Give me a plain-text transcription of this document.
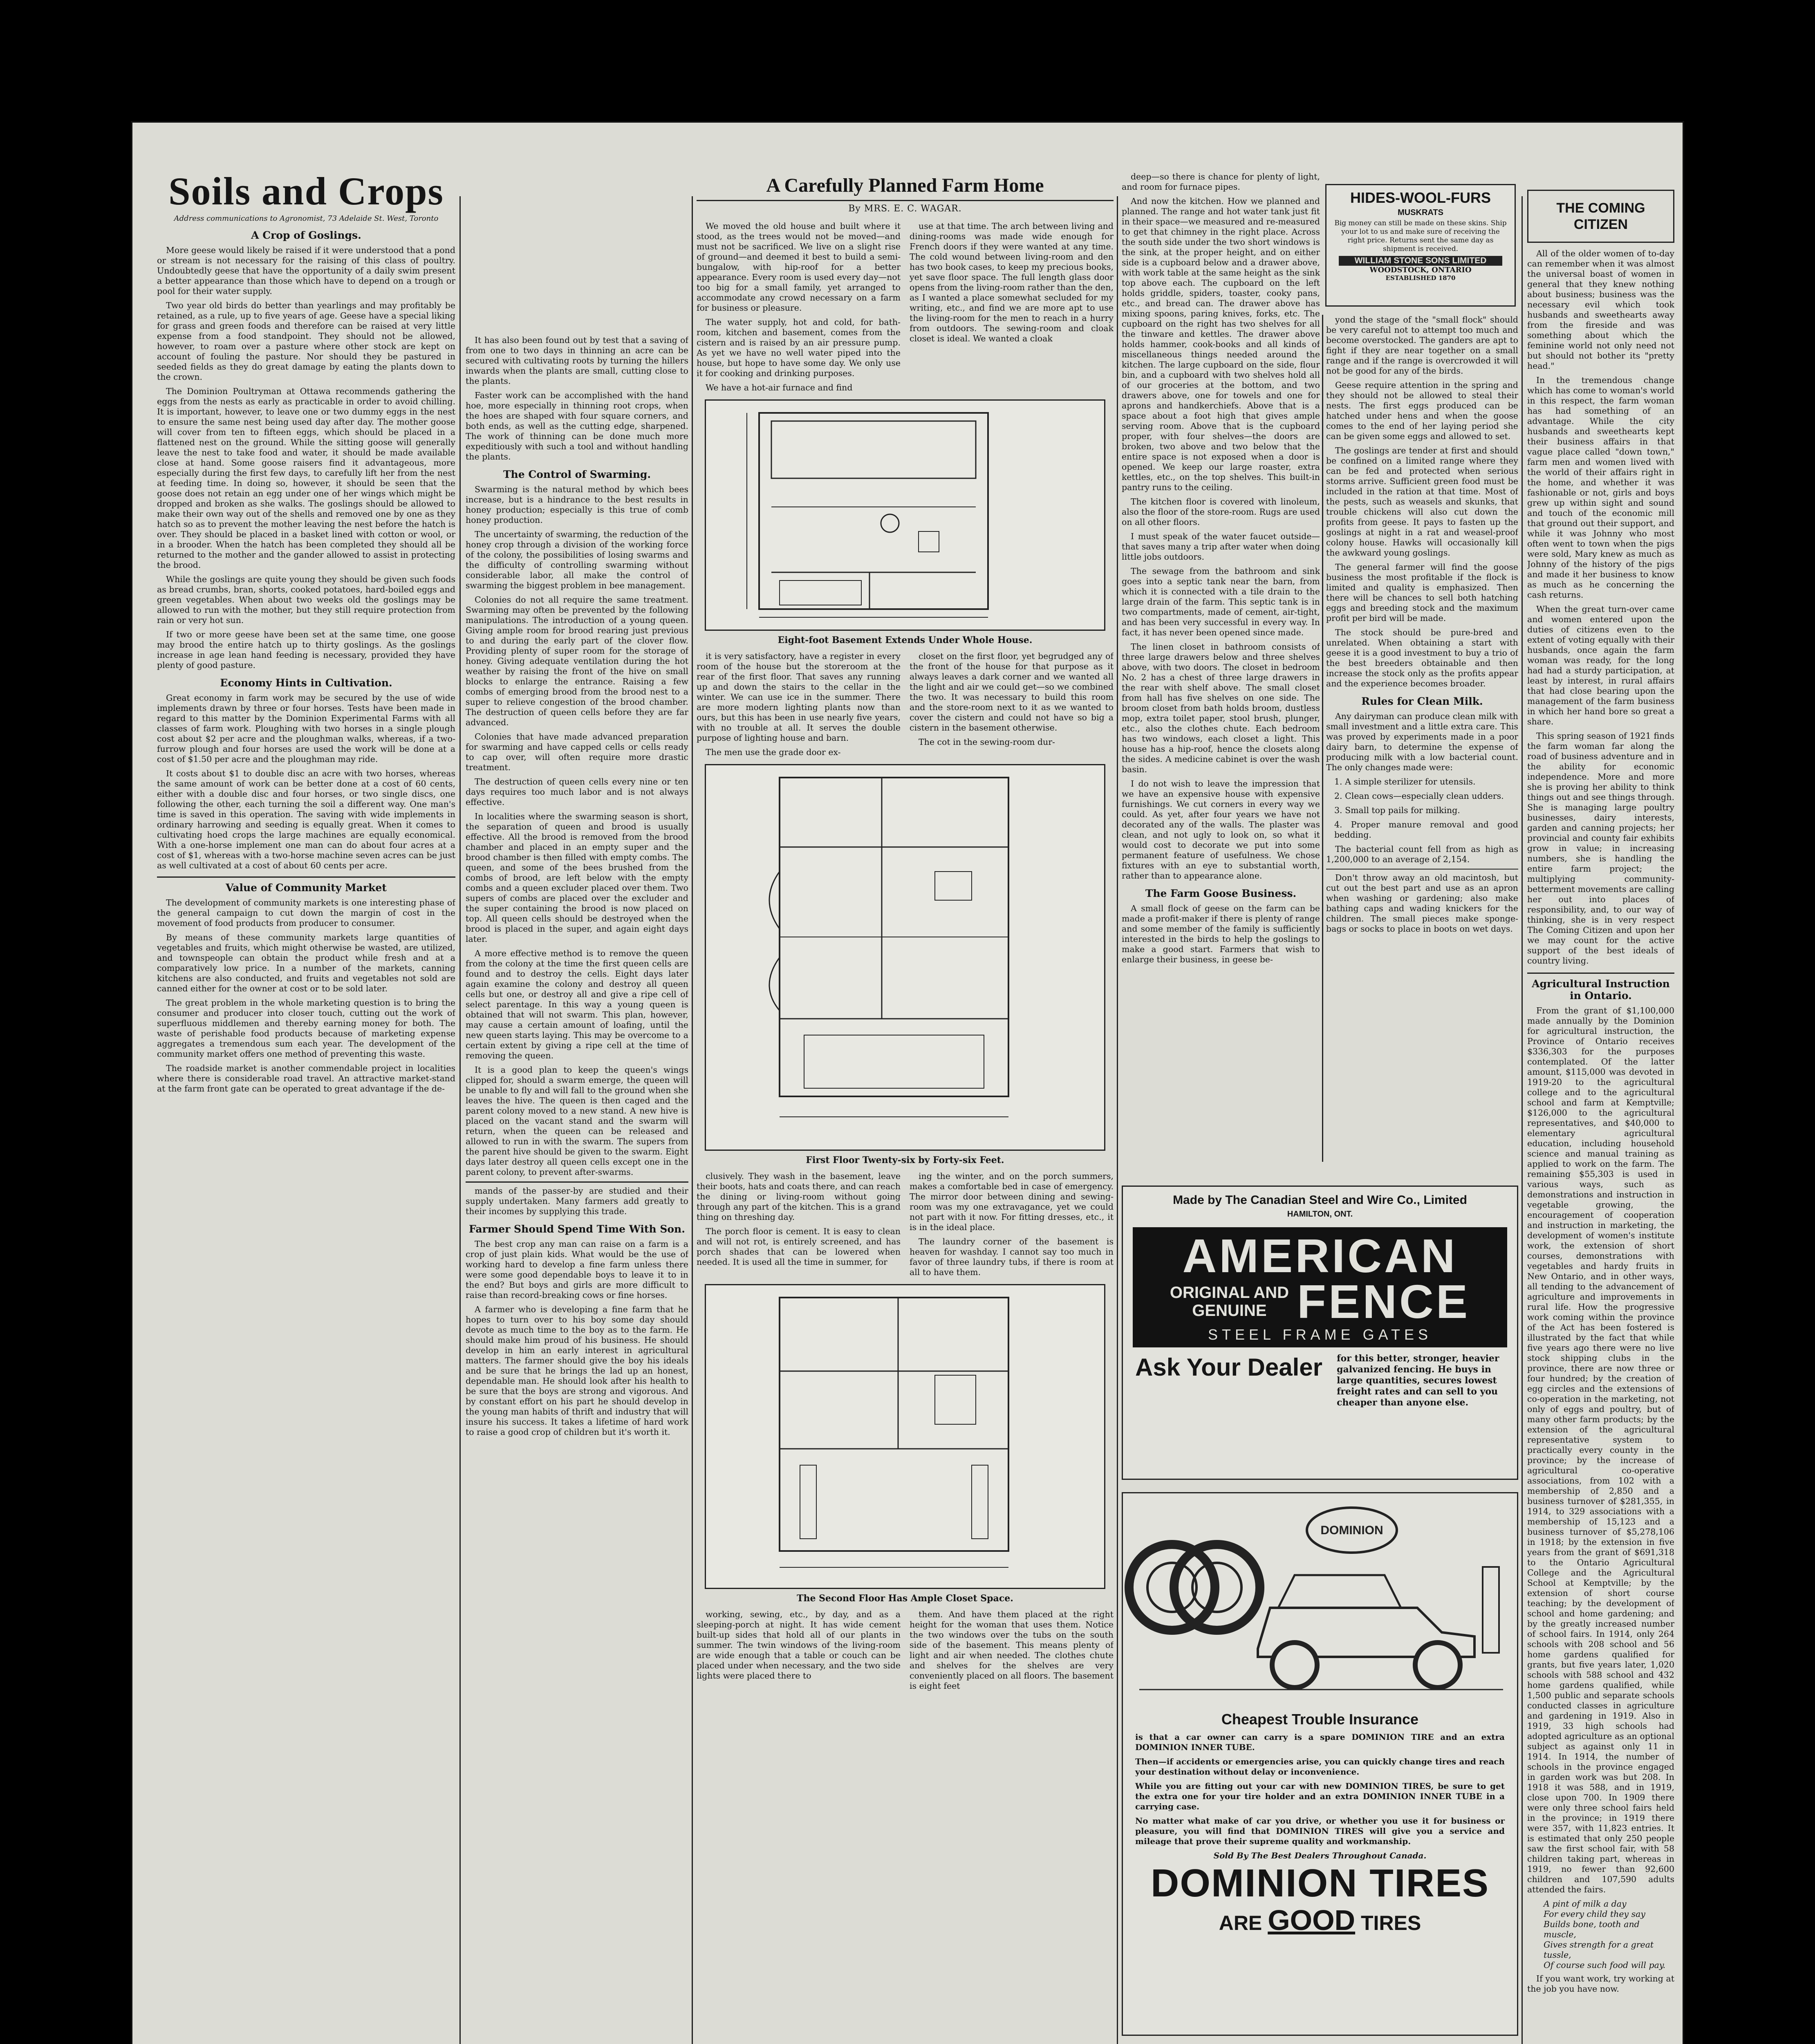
Soils and Crops
Address communications to Agronomist, 73 Adelaide St. West, Toronto
A Crop of Goslings.

More geese would likely be raised if it were understood that a pond or stream is not necessary for the raising of this class of poultry. Undoubtedly geese that have the opportunity of a daily swim present a better appearance than those which have to depend on a trough or pool for their water supply.

Two year old birds do better than yearlings and may profitably be retained, as a rule, up to five years of age. Geese have a special liking for grass and green foods and therefore can be raised at very little expense from a food standpoint. They should not be allowed, however, to roam over a pasture where other stock are kept on account of fouling the pasture. Nor should they be pastured in seeded fields as they do great damage by eating the plants down to the crown.

The Dominion Poultryman at Ottawa recommends gathering the eggs from the nests as early as practicable in order to avoid chilling. It is important, however, to leave one or two dummy eggs in the nest to ensure the same nest being used day after day. The mother goose will cover from ten to fifteen eggs, which should be placed in a flattened nest on the ground. While the sitting goose will generally leave the nest to take food and water, it should be made available close at hand. Some goose raisers find it advantageous, more especially during the first few days, to carefully lift her from the nest at feeding time. In doing so, however, it should be seen that the goose does not retain an egg under one of her wings which might be dropped and broken as she walks. The goslings should be allowed to make their own way out of the shells and removed one by one as they hatch so as to prevent the mother leaving the nest before the hatch is over. They should be placed in a basket lined with cotton or wool, or in a brooder. When the hatch has been completed they should all be returned to the mother and the gander allowed to assist in protecting the brood.

While the goslings are quite young they should be given such foods as bread crumbs, bran, shorts, cooked potatoes, hard-boiled eggs and green vegetables. When about two weeks old the goslings may be allowed to run with the mother, but they still require protection from rain or very hot sun.

If two or more geese have been set at the same time, one goose may brood the entire hatch up to thirty goslings. As the goslings increase in age lean hand feeding is necessary, provided they have plenty of good pasture.

Economy Hints in Cultivation.

Great economy in farm work may be secured by the use of wide implements drawn by three or four horses. Tests have been made in regard to this matter by the Dominion Experimental Farms with all classes of farm work. Ploughing with two horses in a single plough cost about $2 per acre and the ploughman walks, whereas, if a two-furrow plough and four horses are used the work will be done at a cost of $1.50 per acre and the ploughman may ride.

It costs about $1 to double disc an acre with two horses, whereas the same amount of work can be better done at a cost of 60 cents, either with a double disc and four horses, or two single discs, one following the other, each turning the soil a different way. One man's time is saved in this operation. The saving with wide implements in ordinary harrowing and seeding is equally great. When it comes to cultivating hoed crops the large machines are equally economical. With a one-horse implement one man can do about four acres at a cost of $1, whereas with a two-horse machine seven acres can be just as well cultivated at a cost of about 60 cents per acre.

Value of Community Market

The development of community markets is one interesting phase of the general campaign to cut down the margin of cost in the movement of food products from producer to consumer.

By means of these community markets large quantities of vegetables and fruits, which might otherwise be wasted, are utilized, and townspeople can obtain the product while fresh and at a comparatively low price. In a number of the markets, canning kitchens are also conducted, and fruits and vegetables not sold are canned either for the owner at cost or to be sold later.

The great problem in the whole marketing question is to bring the consumer and producer into closer touch, cutting out the work of superfluous middlemen and thereby earning money for both. The waste of perishable food products because of marketing expense aggregates a tremendous sum each year. The development of the community market offers one method of preventing this waste.

The roadside market is another commendable project in localities where there is considerable road travel. An attractive market-stand at the farm front gate can be operated to great advantage if the de-

It has also been found out by test that a saving of from one to two days in thinning an acre can be secured with cultivating roots by turning the hillers inwards when the plants are small, cutting close to the plants.

Faster work can be accomplished with the hand hoe, more especially in thinning root crops, when the hoes are shaped with four square corners, and both ends, as well as the cutting edge, sharpened. The work of thinning can be done much more expeditiously with such a tool and without handling the plants.

The Control of Swarming.

Swarming is the natural method by which bees increase, but is a hindrance to the best results in honey production; especially is this true of comb honey production.

The uncertainty of swarming, the reduction of the honey crop through a division of the working force of the colony, the possibilities of losing swarms and the difficulty of controlling swarming without considerable labor, all make the control of swarming the biggest problem in bee management.

Colonies do not all require the same treatment. Swarming may often be prevented by the following manipulations. The introduction of a young queen. Giving ample room for brood rearing just previous to and during the early part of the clover flow. Providing plenty of super room for the storage of honey. Giving adequate ventilation during the hot weather by raising the front of the hive on small blocks to enlarge the entrance. Raising a few combs of emerging brood from the brood nest to a super to relieve congestion of the brood chamber. The destruction of queen cells before they are far advanced.

Colonies that have made advanced preparation for swarming and have capped cells or cells ready to cap over, will often require more drastic treatment.

The destruction of queen cells every nine or ten days requires too much labor and is not always effective.

In localities where the swarming season is short, the separation of queen and brood is usually effective. All the brood is removed from the brood chamber and placed in an empty super and the brood chamber is then filled with empty combs. The queen, and some of the bees brushed from the combs of brood, are left below with the empty combs and a queen excluder placed over them. Two supers of combs are placed over the excluder and the super containing the brood is now placed on top. All queen cells should be destroyed when the brood is placed in the super, and again eight days later.

A more effective method is to remove the queen from the colony at the time the first queen cells are found and to destroy the cells. Eight days later again examine the colony and destroy all queen cells but one, or destroy all and give a ripe cell of select parentage. In this way a young queen is obtained that will not swarm. This plan, however, may cause a certain amount of loafing, until the new queen starts laying. This may be overcome to a certain extent by giving a ripe cell at the time of removing the queen.

It is a good plan to keep the queen's wings clipped for, should a swarm emerge, the queen will be unable to fly and will fall to the ground when she leaves the hive. The queen is then caged and the parent colony moved to a new stand. A new hive is placed on the vacant stand and the swarm will return, when the queen can be released and allowed to run in with the swarm. The supers from the parent hive should be given to the swarm. Eight days later destroy all queen cells except one in the parent colony, to prevent after-swarms.

mands of the passer-by are studied and their supply undertaken. Many farmers add greatly to their incomes by supplying this trade.

Farmer Should Spend Time With Son.

The best crop any man can raise on a farm is a crop of just plain kids. What would be the use of working hard to develop a fine farm unless there were some good dependable boys to leave it to in the end? But boys and girls are more difficult to raise than record-breaking cows or fine horses.

A farmer who is developing a fine farm that he hopes to turn over to his boy some day should devote as much time to the boy as to the farm. He should make him proud of his business. He should develop in him an early interest in agricultural matters. The farmer should give the boy his ideals and be sure that he brings the lad up an honest, dependable man. He should look after his health to be sure that the boys are strong and vigorous. And by constant effort on his part he should develop in the young man habits of thrift and industry that will insure his success. It takes a lifetime of hard work to raise a good crop of children but it's worth it.

A Carefully Planned Farm Home
By MRS. E. C. WAGAR.

We moved the old house and built where it stood, as the trees would not be moved—and must not be sacrificed. We live on a slight rise of ground—and deemed it best to build a semi-bungalow, with hip-roof for a better appearance. Every room is used every day—not too big for a small family, yet arranged to accommodate any crowd necessary on a farm for business or pleasure.

The water supply, hot and cold, for bath-room, kitchen and basement, comes from the cistern and is raised by an air pressure pump. As yet we have no well water piped into the house, but hope to have some day. We only use it for cooking and drinking purposes.

We have a hot-air furnace and find

use at that time. The arch between living and dining-rooms was made wide enough for French doors if they were wanted at any time. The cold wound between living-room and den has two book cases, to keep my precious books, yet save floor space. The full length glass door opens from the living-room rather than the den, as I wanted a place somewhat secluded for my writing, etc., and find we are more apt to use the living-room for the men to reach in a hurry from outdoors. The sewing-room and cloak closet is ideal. We wanted a cloak

Eight-foot Basement Extends Under Whole House.

it is very satisfactory, have a register in every room of the house but the storeroom at the rear of the first floor. That saves any running up and down the stairs to the cellar in the winter. We can use ice in the summer. There are more modern lighting plants now than ours, but this has been in use nearly five years, with no trouble at all. It serves the double purpose of lighting house and barn.

The men use the grade door ex-

closet on the first floor, yet begrudged any of the front of the house for that purpose as it always leaves a dark corner and we wanted all the light and air we could get—so we combined the two. It was necessary to build this room and the store-room next to it as we wanted to cover the cistern and could not have so big a cistern in the basement otherwise.

The cot in the sewing-room dur-

First Floor Twenty-six by Forty-six Feet.

clusively. They wash in the basement, leave their boots, hats and coats there, and can reach the dining or living-room without going through any part of the kitchen. This is a grand thing on threshing day.

The porch floor is cement. It is easy to clean and will not rot, is entirely screened, and has porch shades that can be lowered when needed. It is used all the time in summer, for

ing the winter, and on the porch summers, makes a comfortable bed in case of emergency. The mirror door between dining and sewing-room was my one extravagance, yet we could not part with it now. For fitting dresses, etc., it is in the ideal place.

The laundry corner of the basement is heaven for washday. I cannot say too much in favor of three laundry tubs, if there is room at all to have them.

The Second Floor Has Ample Closet Space.

working, sewing, etc., by day, and as a sleeping-porch at night. It has wide cement built-up sides that hold all of our plants in summer. The twin windows of the living-room are wide enough that a table or couch can be placed under when necessary, and the two side lights were placed there to

them. And have them placed at the right height for the woman that uses them. Notice the two windows over the tubs on the south side of the basement. This means plenty of light and air when needed. The clothes chute and shelves for the shelves are very conveniently placed on all floors. The basement is eight feet

deep—so there is chance for plenty of light, and room for furnace pipes.

And now the kitchen. How we planned and planned. The range and hot water tank just fit in their space—we measured and re-measured to get that chimney in the right place. Across the south side under the two short windows is the sink, at the proper height, and on either side is a cupboard below and a drawer above, with work table at the same height as the sink top above each. The cupboard on the left holds griddle, spiders, toaster, cooky pans, etc., and bread can. The drawer above has mixing spoons, paring knives, forks, etc. The cupboard on the right has two shelves for all the tinware and kettles. The drawer above holds hammer, cook-books and all kinds of miscellaneous things needed around the kitchen. The large cupboard on the side, flour bin, and a cupboard with two shelves hold all of our groceries at the bottom, and two drawers above, one for towels and one for aprons and handkerchiefs. Above that is a space about a foot high that gives ample serving room. Above that is the cupboard proper, with four shelves—the doors are broken, two above and two below that the entire space is not exposed when a door is opened. We keep our large roaster, extra kettles, etc., on the top shelves. This built-in pantry runs to the ceiling.

The kitchen floor is covered with linoleum, also the floor of the store-room. Rugs are used on all other floors.

I must speak of the water faucet outside—that saves many a trip after water when doing little jobs outdoors.

The sewage from the bathroom and sink goes into a septic tank near the barn, from which it is connected with a tile drain to the large drain of the farm. This septic tank is in two compartments, made of cement, air-tight, and has been very successful in every way. In fact, it has never been opened since made.

The linen closet in bathroom consists of three large drawers below and three shelves above, with two doors. The closet in bedroom No. 2 has a chest of three large drawers in the rear with shelf above. The small closet from hall has five shelves on one side. The broom closet from bath holds broom, dustless mop, extra toilet paper, stool brush, plunger, etc., also the clothes chute. Each bedroom has two windows, each closet a light. This house has a hip-roof, hence the closets along the sides. A medicine cabinet is over the wash basin.

I do not wish to leave the impression that we have an expensive house with expensive furnishings. We cut corners in every way we could. As yet, after four years we have not decorated any of the walls. The plaster was clean, and not ugly to look on, so what it would cost to decorate we put into some permanent feature of usefulness. We chose fixtures with an eye to substantial worth, rather than to appearance alone.

The Farm Goose Business.

A small flock of geese on the farm can be made a profit-maker if there is plenty of range and some member of the family is sufficiently interested in the birds to help the goslings to make a good start. Farmers that wish to enlarge their business, in geese be-

HIDES-WOOL-FURS
MUSKRATS
Big money can still be made on these skins. Ship your lot to us and make sure of receiving the right price. Returns sent the same day as shipment is received.
WILLIAM STONE SONS LIMITED
WOODSTOCK, ONTARIO
ESTABLISHED 1870

yond the stage of the "small flock" should be very careful not to attempt too much and become overstocked. The ganders are apt to fight if they are near together on a small range and if the range is overcrowded it will not be good for any of the birds.

Geese require attention in the spring and they should not be allowed to steal their nests. The first eggs produced can be hatched under hens and when the goose comes to the end of her laying period she can be given some eggs and allowed to set.

The goslings are tender at first and should be confined on a limited range where they can be fed and protected when serious storms arrive. Sufficient green food must be included in the ration at that time. Most of the pests, such as weasels and skunks, that trouble chickens will also cut down the profits from geese. It pays to fasten up the goslings at night in a rat and weasel-proof colony house. Hawks will occasionally kill the awkward young goslings.

The general farmer will find the goose business the most profitable if the flock is limited and quality is emphasized. Then there will be chances to sell both hatching eggs and breeding stock and the maximum profit per bird will be made.

The stock should be pure-bred and unrelated. When obtaining a start with geese it is a good investment to buy a trio of the best breeders obtainable and then increase the stock only as the profits appear and the experience becomes broader.

Rules for Clean Milk.

Any dairyman can produce clean milk with small investment and a little extra care. This was proved by experiments made in a poor dairy barn, to determine the expense of producing milk with a low bacterial count. The only changes made were:

1. A simple sterilizer for utensils.

2. Clean cows—especially clean udders.

3. Small top pails for milking.

4. Proper manure removal and good bedding.

The bacterial count fell from as high as 1,200,000 to an average of 2,154.

Don't throw away an old macintosh, but cut out the best part and use as an apron when washing or gardening; also make bathing caps and wading knickers for the children. The small pieces make sponge-bags or socks to place in boots on wet days.

Made by The Canadian Steel and Wire Co., Limited
HAMILTON, ONT.
AMERICAN
ORIGINAL AND
GENUINE FENCE
STEEL FRAME GATES
Ask Your Dealer for this better, stronger, heavier galvanized fencing. He buys in large quantities, secures lowest freight rates and can sell to you cheaper than anyone else.
DOMINION
Cheapest Trouble Insurance
is that a car owner can carry is a spare DOMINION TIRE and an extra DOMINION INNER TUBE.
Then—if accidents or emergencies arise, you can quickly change tires and reach your destination without delay or inconvenience.
While you are fitting out your car with new DOMINION TIRES, be sure to get the extra one for your tire holder and an extra DOMINION INNER TUBE in a carrying case.
No matter what make of car you drive, or whether you use it for business or pleasure, you will find that DOMINION TIRES will give you a service and mileage that prove their supreme quality and workmanship.
Sold By The Best Dealers Throughout Canada.
DOMINION TIRES
ARE GOOD TIRES
THE COMING CITIZEN

All of the older women of to-day can remember when it was almost the universal boast of women in general that they knew nothing about business; business was the necessary evil which took husbands and sweethearts away from the fireside and was something about which the feminine world not only need not but should not bother its "pretty head."

In the tremendous change which has come to woman's world in this respect, the farm woman has had something of an advantage. While the city husbands and sweethearts kept their business affairs in that vague place called "down town," farm men and women lived with the world of their affairs right in the home, and whether it was fashionable or not, girls and boys grew up within sight and sound and touch of the economic mill that ground out their support, and while it was Johnny who most often went to town when the pigs were sold, Mary knew as much as Johnny of the history of the pigs and made it her business to know as much as he concerning the cash returns.

When the great turn-over came and women entered upon the duties of citizens even to the extent of voting equally with their husbands, once again the farm woman was ready, for the long had had a sturdy participation, at least by interest, in rural affairs that had close bearing upon the management of the farm business in which her hand bore so great a share.

This spring season of 1921 finds the farm woman far along the road of business adventure and in the ability for economic independence. More and more she is proving her ability to think things out and see things through. She is managing large poultry businesses, dairy interests, garden and canning projects; her provincial and county fair exhibits grow in value; in increasing numbers, she is handling the entire farm project; the multiplying community-betterment movements are calling her out into places of responsibility, and, to our way of thinking, she is in very respect The Coming Citizen and upon her we may count for the active support of the best ideals of country living.

Agricultural Instruction in Ontario.

From the grant of $1,100,000 made annually by the Dominion for agricultural instruction, the Province of Ontario receives $336,303 for the purposes contemplated. Of the latter amount, $115,000 was devoted in 1919-20 to the agricultural college and to the agricultural school and farm at Kemptville; $126,000 to the agricultural representatives, and $40,000 to elementary agricultural education, including household science and manual training as applied to work on the farm. The remaining $55,303 is used in various ways, such as demonstrations and instruction in vegetable growing, the encouragement of cooperation and instruction in marketing, the development of women's institute work, the extension of short courses, demonstrations with vegetables and hardy fruits in New Ontario, and in other ways, all tending to the advancement of agriculture and improvements in rural life. How the progressive work coming within the province of the Act has been fostered is illustrated by the fact that while five years ago there were no live stock shipping clubs in the province, there are now three or four hundred; by the creation of egg circles and the extensions of co-operation in the marketing, not only of eggs and poultry, but of many other farm products; by the extension of the agricultural representative system to practically every county in the province; by the increase of agricultural co-operative associations, from 102 with a membership of 2,850 and a business turnover of $281,355, in 1914, to 329 associations with a membership of 15,123 and a business turnover of $5,278,106 in 1918; by the extension in five years from the grant of $691,318 to the Ontario Agricultural College and the Agricultural School at Kemptville; by the extension of short course teaching; by the development of school and home gardening; and by the greatly increased number of school fairs. In 1914, only 264 schools with 208 school and 56 home gardens qualified for grants, but five years later, 1,020 schools with 588 school and 432 home gardens qualified, while 1,500 public and separate schools conducted classes in agriculture and gardening in 1919. Also in 1919, 33 high schools had adopted agriculture as an optional subject as against only 11 in 1914. In 1914, the number of schools in the province engaged in garden work was but 208. In 1918 it was 588, and in 1919, close upon 700. In 1909 there were only three school fairs held in the province; in 1919 there were 357, with 11,823 entries. It is estimated that only 250 people saw the first school fair, with 58 children taking part, whereas in 1919, no fewer than 92,600 children and 107,590 adults attended the fairs.

A pint of milk a day
For every child they say
Builds bone, tooth and muscle,
Gives strength for a great tussle,
Of course such food will pay.

If you want work, try working at the job you have now.
